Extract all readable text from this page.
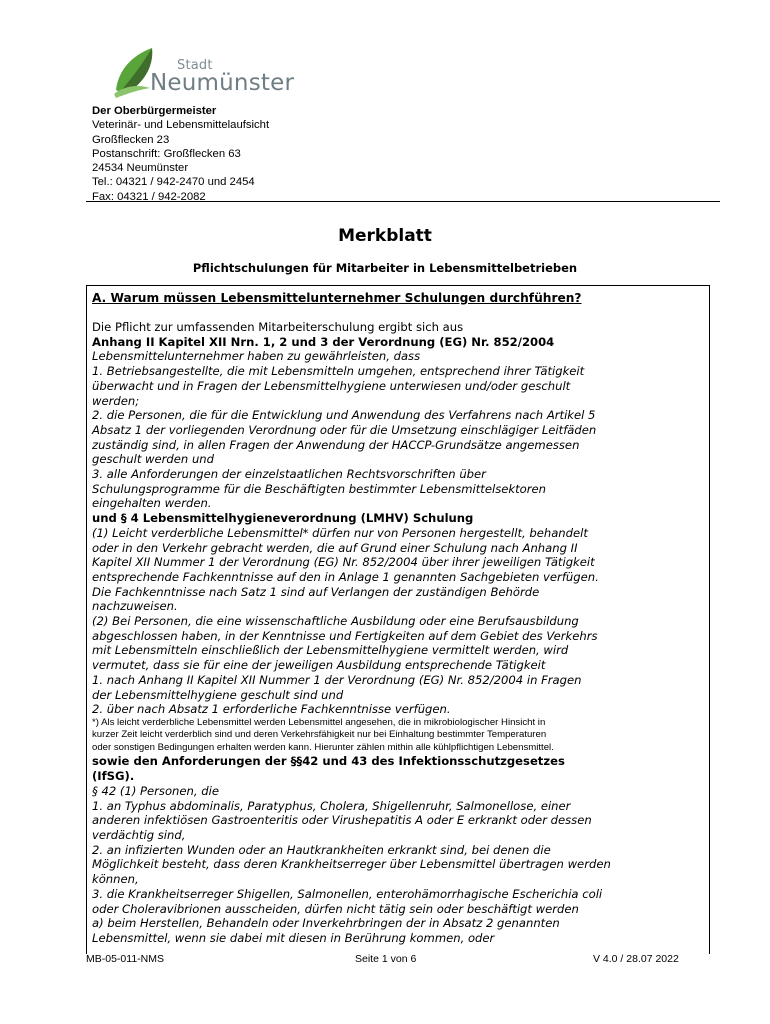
Stadt
Neumünster
Der Oberbürgermeister
Veterinär- und Lebensmittelaufsicht
Großflecken 23
Postanschrift: Großflecken 63
24534 Neumünster
Tel.: 04321 / 942-2470 und 2454
Fax: 04321 / 942-2082
Merkblatt
Pflichtschulungen für Mitarbeiter in Lebensmittelbetrieben
A. Warum müssen Lebensmittelunternehmer Schulungen durchführen?

Die Pflicht zur umfassenden Mitarbeiterschulung ergibt sich aus

Anhang II Kapitel XII Nrn. 1, 2 und 3 der Verordnung (EG) Nr. 852/2004

Lebensmittelunternehmer haben zu gewährleisten, dass

1. Betriebsangestellte, die mit Lebensmitteln umgehen, entsprechend ihrer Tätigkeit

überwacht und in Fragen der Lebensmittelhygiene unterwiesen und/oder geschult

werden;

2. die Personen, die für die Entwicklung und Anwendung des Verfahrens nach Artikel 5

Absatz 1 der vorliegenden Verordnung oder für die Umsetzung einschlägiger Leitfäden

zuständig sind, in allen Fragen der Anwendung der HACCP-Grundsätze angemessen

geschult werden und

3. alle Anforderungen der einzelstaatlichen Rechtsvorschriften über

Schulungsprogramme für die Beschäftigten bestimmter Lebensmittelsektoren

eingehalten werden.

und § 4 Lebensmittelhygieneverordnung (LMHV) Schulung

(1) Leicht verderbliche Lebensmittel* dürfen nur von Personen hergestellt, behandelt

oder in den Verkehr gebracht werden, die auf Grund einer Schulung nach Anhang II

Kapitel XII Nummer 1 der Verordnung (EG) Nr. 852/2004 über ihrer jeweiligen Tätigkeit

entsprechende Fachkenntnisse auf den in Anlage 1 genannten Sachgebieten verfügen.

Die Fachkenntnisse nach Satz 1 sind auf Verlangen der zuständigen Behörde

nachzuweisen.

(2) Bei Personen, die eine wissenschaftliche Ausbildung oder eine Berufsausbildung

abgeschlossen haben, in der Kenntnisse und Fertigkeiten auf dem Gebiet des Verkehrs

mit Lebensmitteln einschließlich der Lebensmittelhygiene vermittelt werden, wird

vermutet, dass sie für eine der jeweiligen Ausbildung entsprechende Tätigkeit

1. nach Anhang II Kapitel XII Nummer 1 der Verordnung (EG) Nr. 852/2004 in Fragen

der Lebensmittelhygiene geschult sind und

2. über nach Absatz 1 erforderliche Fachkenntnisse verfügen.

*) Als leicht verderbliche Lebensmittel werden Lebensmittel angesehen, die in mikrobiologischer Hinsicht in

kurzer Zeit leicht verderblich sind und deren Verkehrsfähigkeit nur bei Einhaltung bestimmter Temperaturen

oder sonstigen Bedingungen erhalten werden kann. Hierunter zählen mithin alle kühlpflichtigen Lebensmittel.

sowie den Anforderungen der §§42 und 43 des Infektionsschutzgesetzes

(IfSG).

§ 42 (1) Personen, die

1. an Typhus abdominalis, Paratyphus, Cholera, Shigellenruhr, Salmonellose, einer

anderen infektiösen Gastroenteritis oder Virushepatitis A oder E erkrankt oder dessen

verdächtig sind,

2. an infizierten Wunden oder an Hautkrankheiten erkrankt sind, bei denen die

Möglichkeit besteht, dass deren Krankheitserreger über Lebensmittel übertragen werden

können,

3. die Krankheitserreger Shigellen, Salmonellen, enterohämorrhagische Escherichia coli

oder Choleravibrionen ausscheiden, dürfen nicht tätig sein oder beschäftigt werden

a) beim Herstellen, Behandeln oder Inverkehrbringen der in Absatz 2 genannten

Lebensmittel, wenn sie dabei mit diesen in Berührung kommen, oder

MB-05-011-NMS	Seite 1 von 6	V 4.0 / 28.07 2022
